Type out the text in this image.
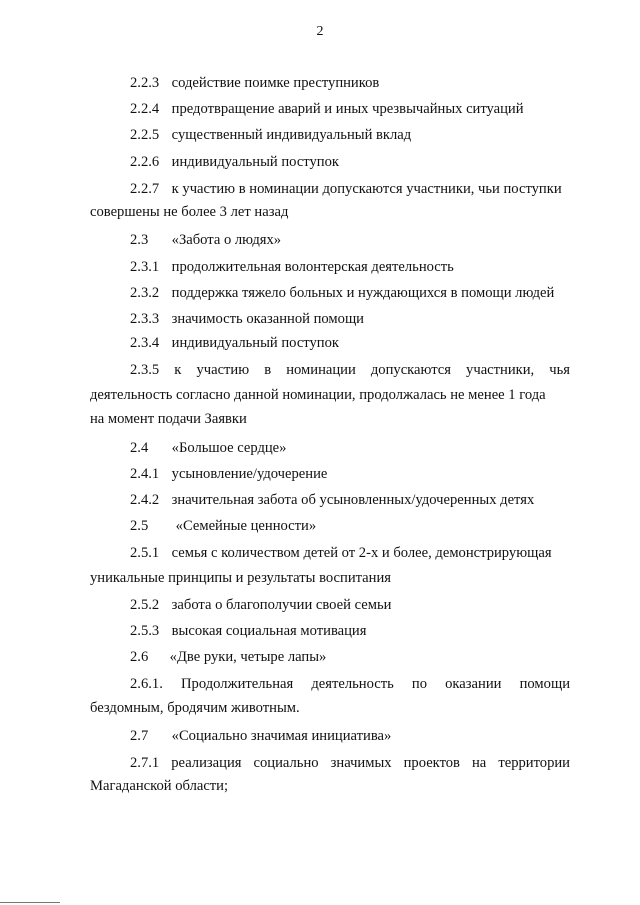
2
2.2.3 содействие поимке преступников
2.2.4 предотвращение аварий и иных чрезвычайных ситуаций
2.2.5 существенный индивидуальный вклад
2.2.6 индивидуальный поступок
2.2.7 к участию в номинации допускаются участники, чьи поступки
совершены не более 3 лет назад
2.3 «Забота о людях»
2.3.1 продолжительная волонтерская деятельность
2.3.2 поддержка тяжело больных и нуждающихся в помощи людей
2.3.3 значимость оказанной помощи
2.3.4 индивидуальный поступок
2.3.5 к участию в номинации допускаются участники, чья
деятельность согласно данной номинации, продолжалась не менее 1 года
на момент подачи Заявки
2.4 «Большое сердце»
2.4.1 усыновление/удочерение
2.4.2 значительная забота об усыновленных/удочеренных детях
2.5 «Семейные ценности»
2.5.1 семья с количеством детей от 2-х и более, демонстрирующая
уникальные принципы и результаты воспитания
2.5.2 забота о благополучии своей семьи
2.5.3 высокая социальная мотивация
2.6 «Две руки, четыре лапы»
2.6.1. Продолжительная деятельность по оказании помощи
бездомным, бродячим животным.
2.7 «Социально значимая инициатива»
2.7.1 реализация социально значимых проектов на территории
Магаданской области;
